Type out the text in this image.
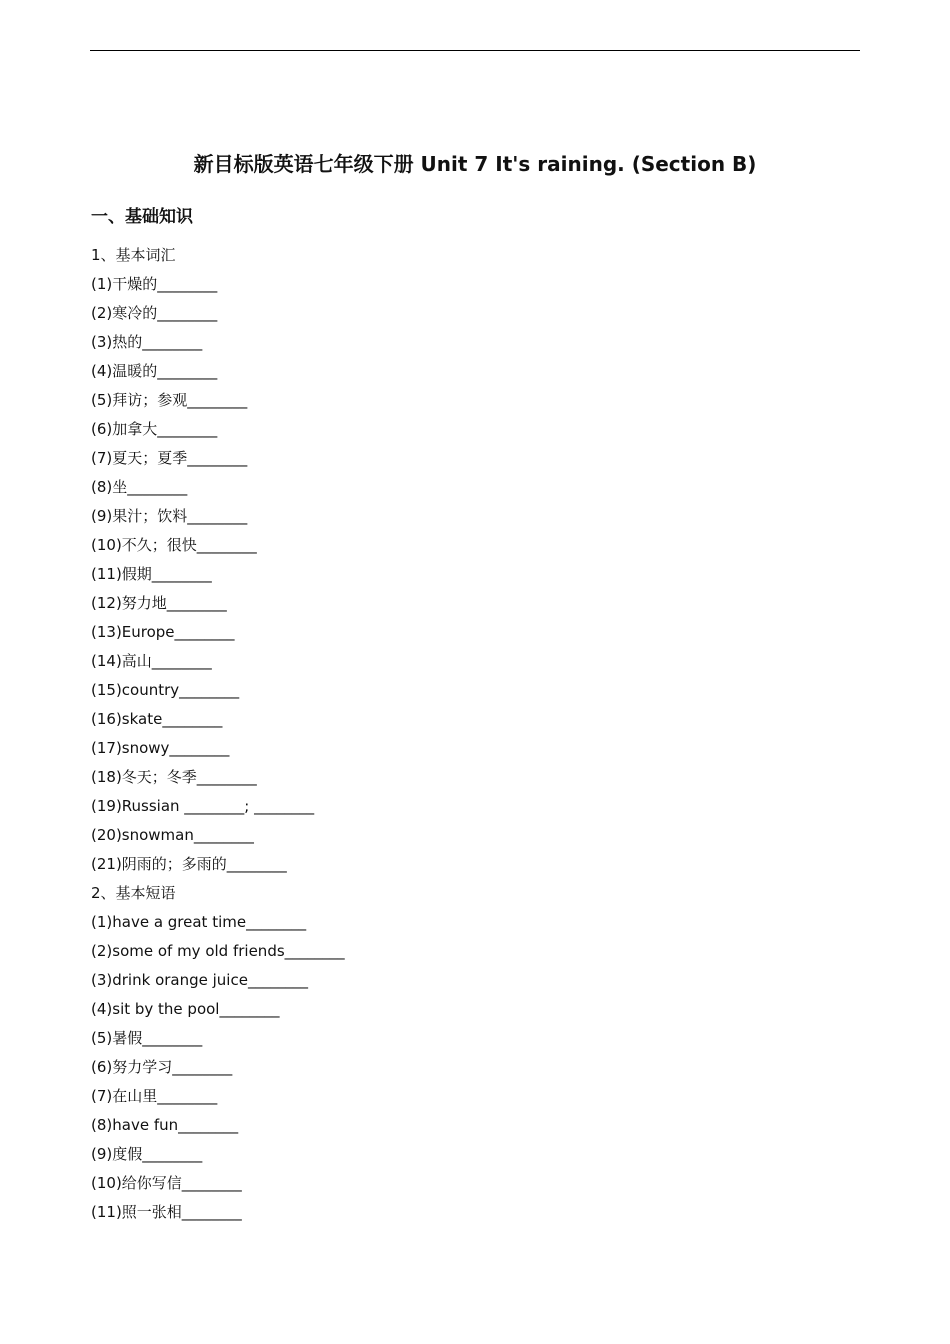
新目标版英语七年级下册 Unit 7 It's raining. (Section B)
一、基础知识
1、基本词汇
(1)干燥的________
(2)寒冷的________
(3)热的________
(4)温暖的________
(5)拜访；参观________
(6)加拿大________
(7)夏天；夏季________
(8)坐________
(9)果汁；饮料________
(10)不久；很快________
(11)假期________
(12)努力地________
(13)Europe________
(14)高山________
(15)country________
(16)skate________
(17)snowy________
(18)冬天；冬季________
(19)Russian ________; ________
(20)snowman________
(21)阴雨的；多雨的________
2、基本短语
(1)have a great time________
(2)some of my old friends________
(3)drink orange juice________
(4)sit by the pool________
(5)暑假________
(6)努力学习________
(7)在山里________
(8)have fun________
(9)度假________
(10)给你写信________
(11)照一张相________
